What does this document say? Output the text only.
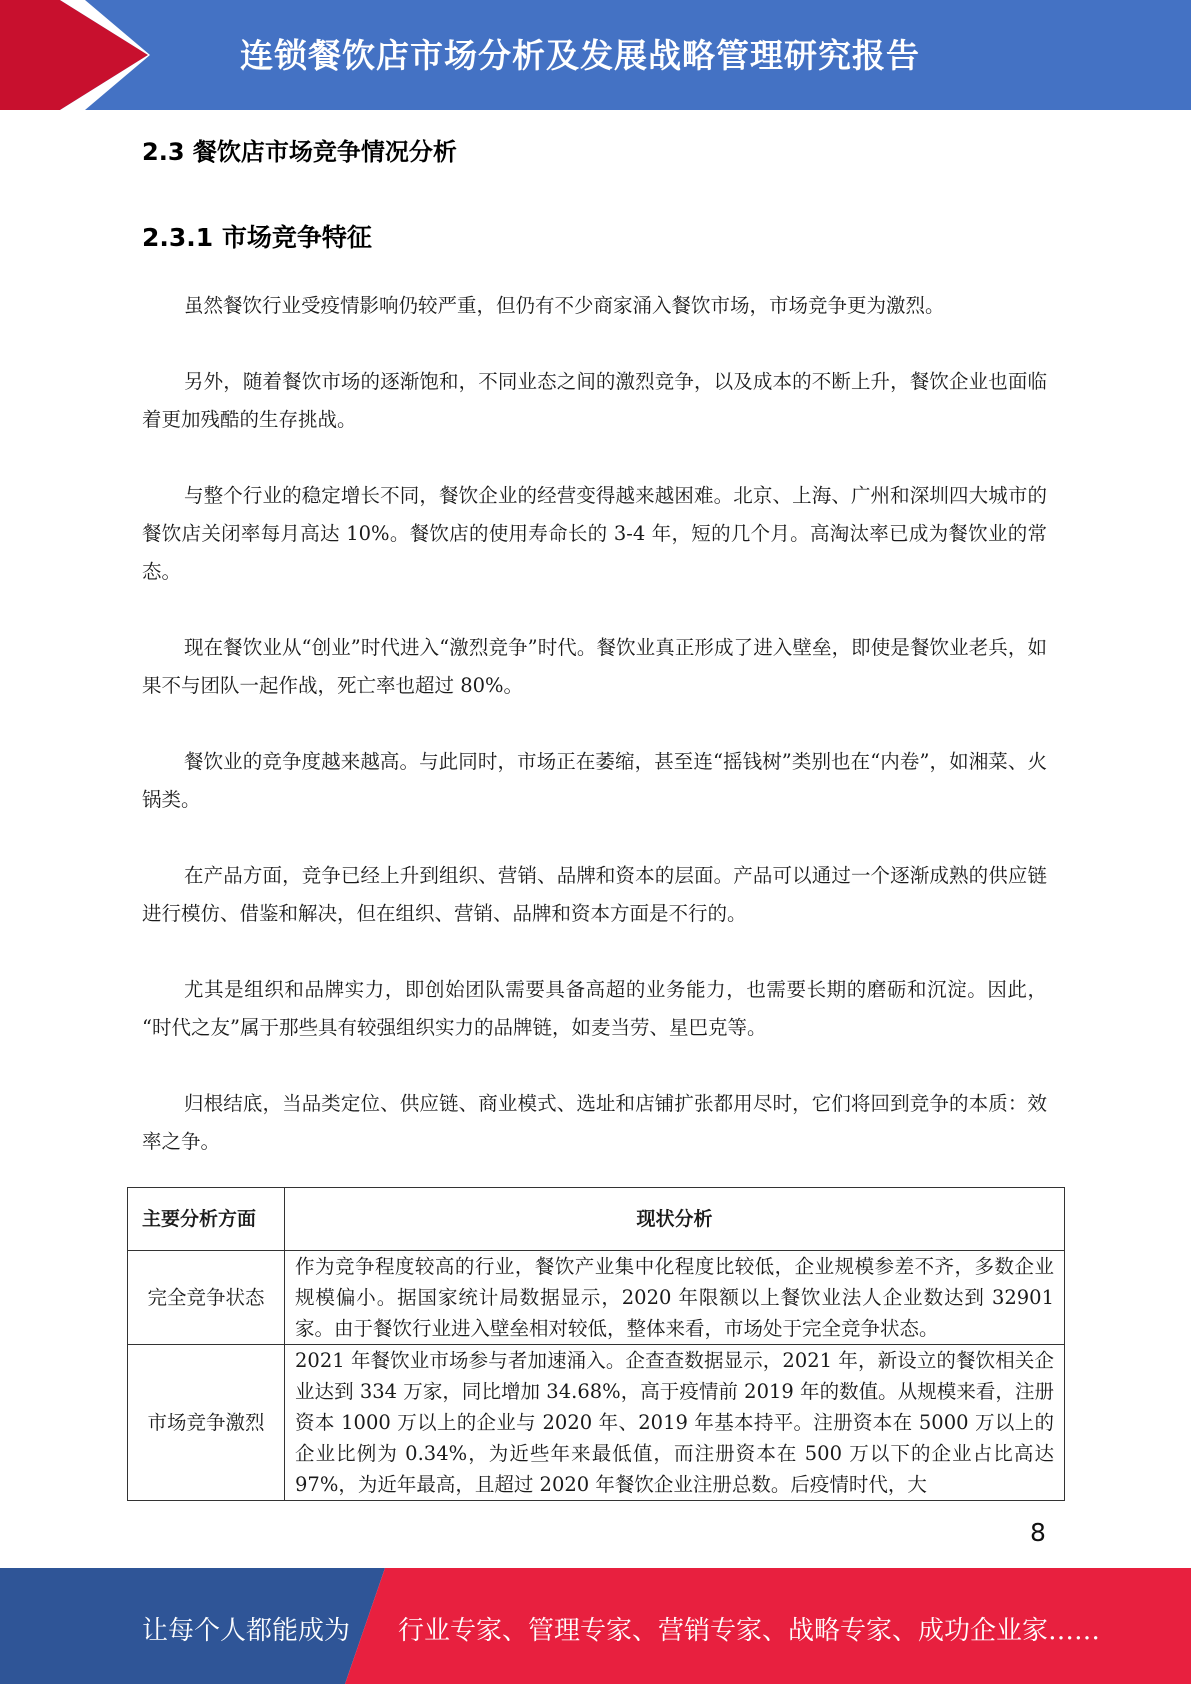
连锁餐饮店市场分析及发展战略管理研究报告
2.3 餐饮店市场竞争情况分析
2.3.1 市场竞争特征

虽然餐饮行业受疫情影响仍较严重，但仍有不少商家涌入餐饮市场，市场竞争更为激烈。

另外，随着餐饮市场的逐渐饱和，不同业态之间的激烈竞争，以及成本的不断上升，餐饮企业也面临着更加残酷的生存挑战。

与整个行业的稳定增长不同，餐饮企业的经营变得越来越困难。北京、上海、广州和深圳四大城市的餐饮店关闭率每月高达 10%。餐饮店的使用寿命长的 3-4 年，短的几个月。高淘汰率已成为餐饮业的常态。

现在餐饮业从“创业”时代进入“激烈竞争”时代。餐饮业真正形成了进入壁垒，即使是餐饮业老兵，如果不与团队一起作战，死亡率也超过 80%。

餐饮业的竞争度越来越高。与此同时，市场正在萎缩，甚至连“摇钱树”类别也在“内卷”，如湘菜、火锅类。

在产品方面，竞争已经上升到组织、营销、品牌和资本的层面。产品可以通过一个逐渐成熟的供应链进行模仿、借鉴和解决，但在组织、营销、品牌和资本方面是不行的。

尤其是组织和品牌实力，即创始团队需要具备高超的业务能力，也需要长期的磨砺和沉淀。因此， “时代之友”属于那些具有较强组织实力的品牌链，如麦当劳、星巴克等。

归根结底，当品类定位、供应链、商业模式、选址和店铺扩张都用尽时，它们将回到竞争的本质：效率之争。

主要分析方面	现状分析
完全竞争状态	作为竞争程度较高的行业，餐饮产业集中化程度比较低，企业规模参差不齐，多数企业规模偏小。据国家统计局数据显示，2020 年限额以上餐饮业法人企业数达到 32901 家。由于餐饮行业进入壁垒相对较低，整体来看，市场处于完全竞争状态。
市场竞争激烈	2021 年餐饮业市场参与者加速涌入。企查查数据显示，2021 年，新设立的餐饮相关企业达到 334 万家，同比增加 34.68%，高于疫情前 2019 年的数值。从规模来看，注册资本 1000 万以上的企业与 2020 年、2019 年基本持平。注册资本在 5000 万以上的企业比例为 0.34%，为近些年来最低值，而注册资本在 500 万以下的企业占比高达 97%，为近年最高，且超过 2020 年餐饮企业注册总数。后疫情时代，大
8
让每个人都能成为 行业专家、管理专家、营销专家、战略专家、成功企业家……
